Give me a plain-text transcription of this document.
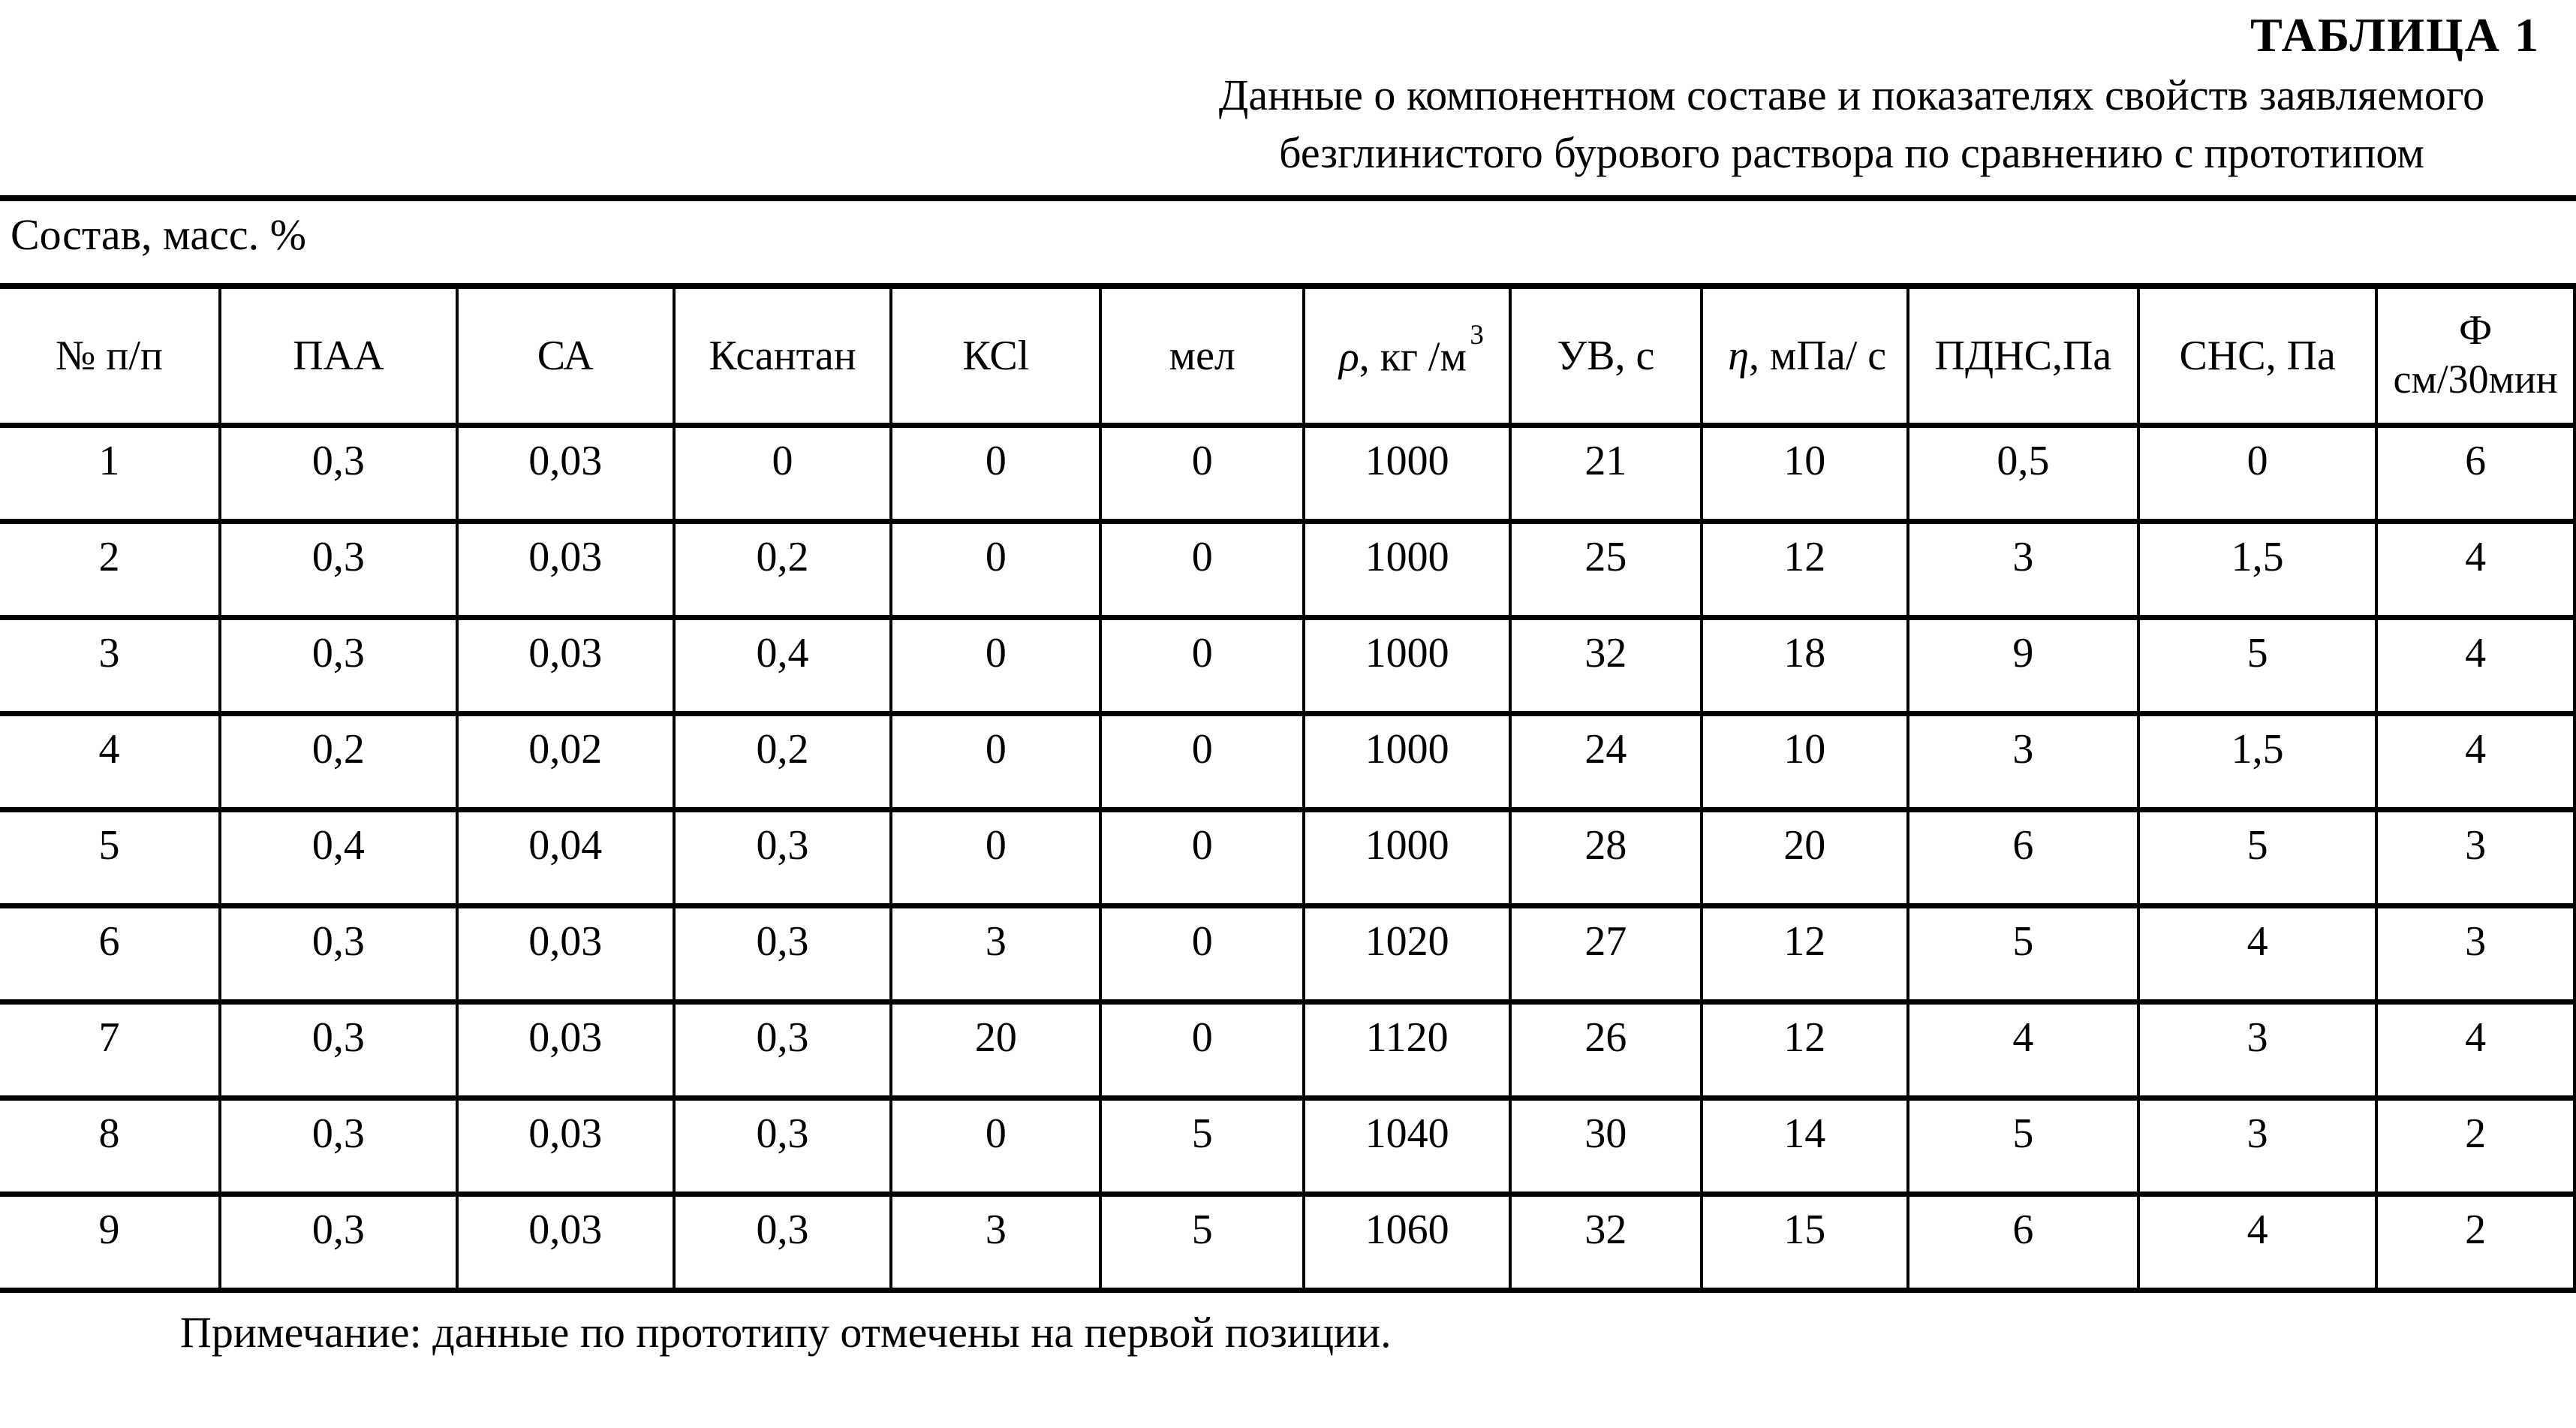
ТАБЛИЦА 1
Данные о компонентном составе и показателях свойств заявляемого
безглинистого бурового раствора по сравнению с прототипом
Состав, масс. %
№ п/п	ПАА	СА	Ксантан	КСl	мел	ρ, кг /м $^3$	УВ, с	η, мПа/ с	ПДНС,Па	СНС, Па	Ф
см/30мин

1	0,3	0,03	0	0	0	1000	21	10	0,5	0	6
2	0,3	0,03	0,2	0	0	1000	25	12	3	1,5	4
3	0,3	0,03	0,4	0	0	1000	32	18	9	5	4
4	0,2	0,02	0,2	0	0	1000	24	10	3	1,5	4
5	0,4	0,04	0,3	0	0	1000	28	20	6	5	3
6	0,3	0,03	0,3	3	0	1020	27	12	5	4	3
7	0,3	0,03	0,3	20	0	1120	26	12	4	3	4
8	0,3	0,03	0,3	0	5	1040	30	14	5	3	2
9	0,3	0,03	0,3	3	5	1060	32	15	6	4	2
Примечание: данные по прототипу отмечены на первой позиции.
